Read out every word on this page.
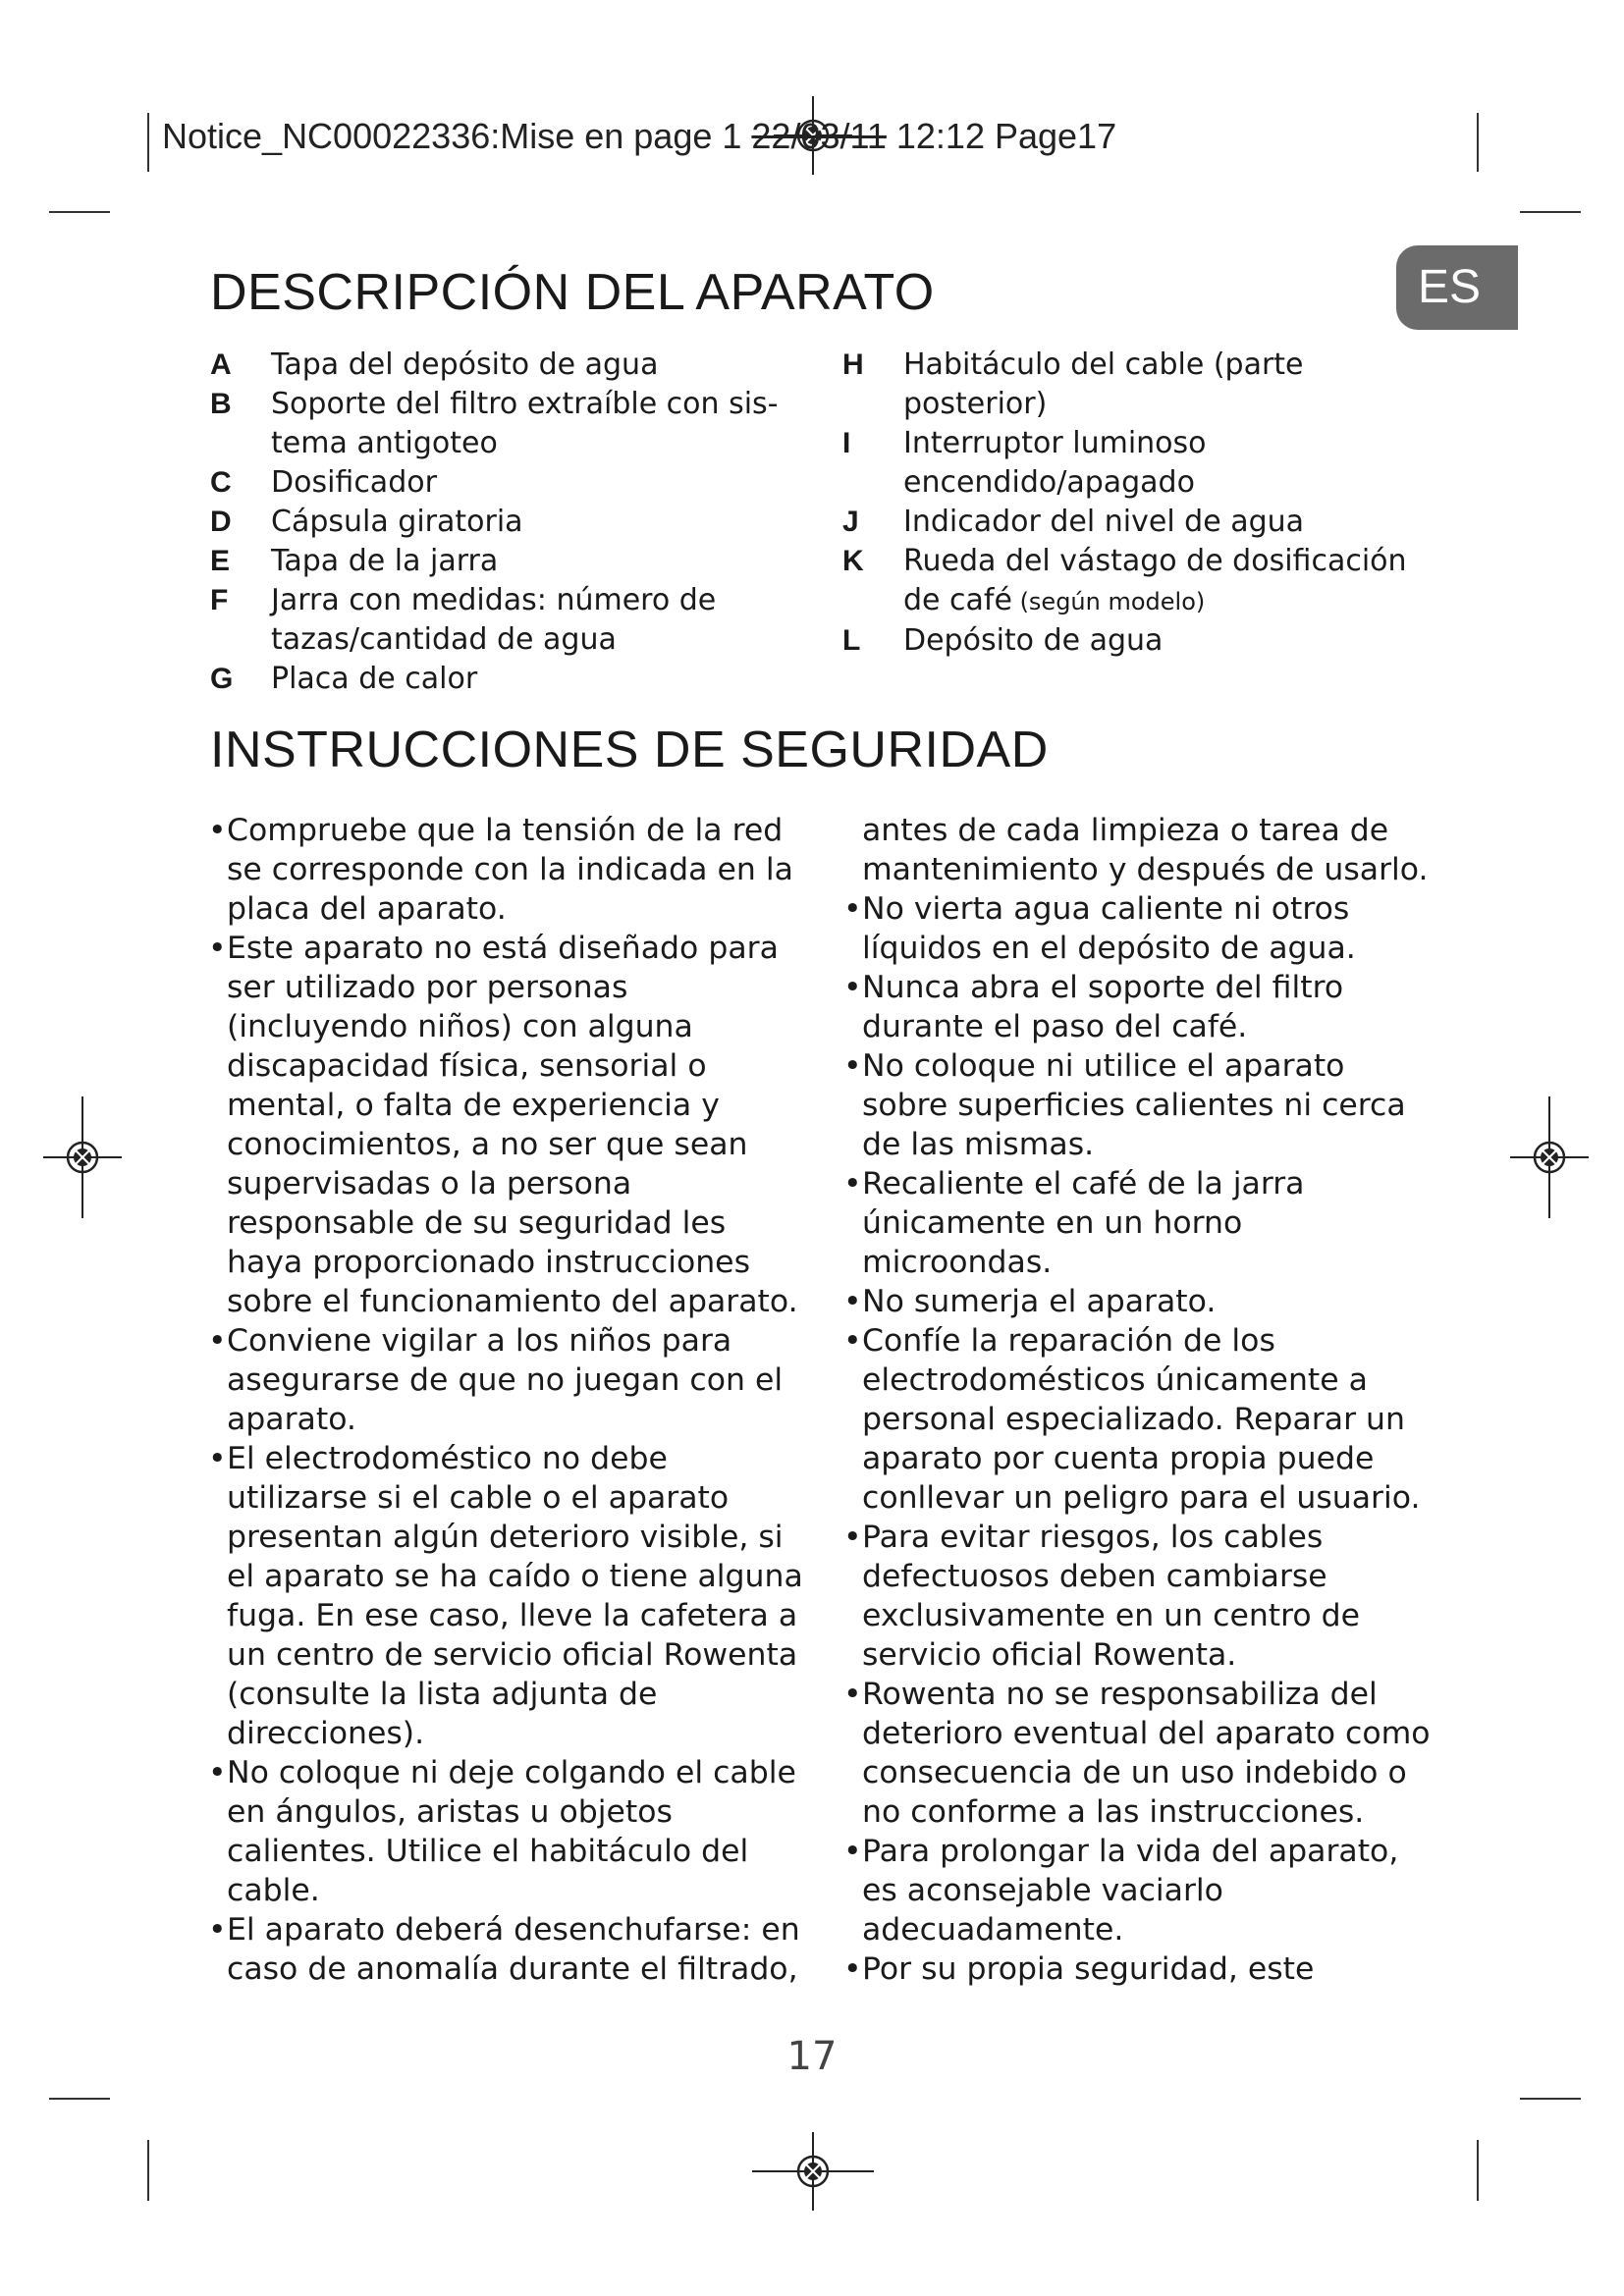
Notice_NC00022336:Mise en page 1 22/03/11 12:12 Page17
ES
DESCRIPCIÓN DEL APARATO
A	Tapa del depósito de agua
B	Soporte del filtro extraíble con sis-
tema antigoteo
C	Dosificador
D	Cápsula giratoria
E	Tapa de la jarra
F	Jarra con medidas: número de
tazas/cantidad de agua
G	Placa de calor
H	Habitáculo del cable (parte
posterior)
I	Interruptor luminoso
encendido/apagado
J	Indicador del nivel de agua
K	Rueda del vástago de dosificación
de café (según modelo)
L	Depósito de agua
INSTRUCCIONES DE SEGURIDAD
• Compruebe que la tensión de la red
se corresponde con la indicada en la
placa del aparato.
• Este aparato no está diseñado para
ser utilizado por personas
(incluyendo niños) con alguna
discapacidad física, sensorial o
mental, o falta de experiencia y
conocimientos, a no ser que sean
supervisadas o la persona
responsable de su seguridad les
haya proporcionado instrucciones
sobre el funcionamiento del aparato.
• Conviene vigilar a los niños para
asegurarse de que no juegan con el
aparato.
• El electrodoméstico no debe
utilizarse si el cable o el aparato
presentan algún deterioro visible, si
el aparato se ha caído o tiene alguna
fuga. En ese caso, lleve la cafetera a
un centro de servicio oficial Rowenta
(consulte la lista adjunta de
direcciones).
• No coloque ni deje colgando el cable
en ángulos, aristas u objetos
calientes. Utilice el habitáculo del
cable.
• El aparato deberá desenchufarse: en
caso de anomalía durante el filtrado,
antes de cada limpieza o tarea de
mantenimiento y después de usarlo.
• No vierta agua caliente ni otros
líquidos en el depósito de agua.
• Nunca abra el soporte del filtro
durante el paso del café.
• No coloque ni utilice el aparato
sobre superficies calientes ni cerca
de las mismas.
• Recaliente el café de la jarra
únicamente en un horno
microondas.
• No sumerja el aparato.
• Confíe la reparación de los
electrodomésticos únicamente a
personal especializado. Reparar un
aparato por cuenta propia puede
conllevar un peligro para el usuario.
• Para evitar riesgos, los cables
defectuosos deben cambiarse
exclusivamente en un centro de
servicio oficial Rowenta.
• Rowenta no se responsabiliza del
deterioro eventual del aparato como
consecuencia de un uso indebido o
no conforme a las instrucciones.
• Para prolongar la vida del aparato,
es aconsejable vaciarlo
adecuadamente.
• Por su propia seguridad, este
17
